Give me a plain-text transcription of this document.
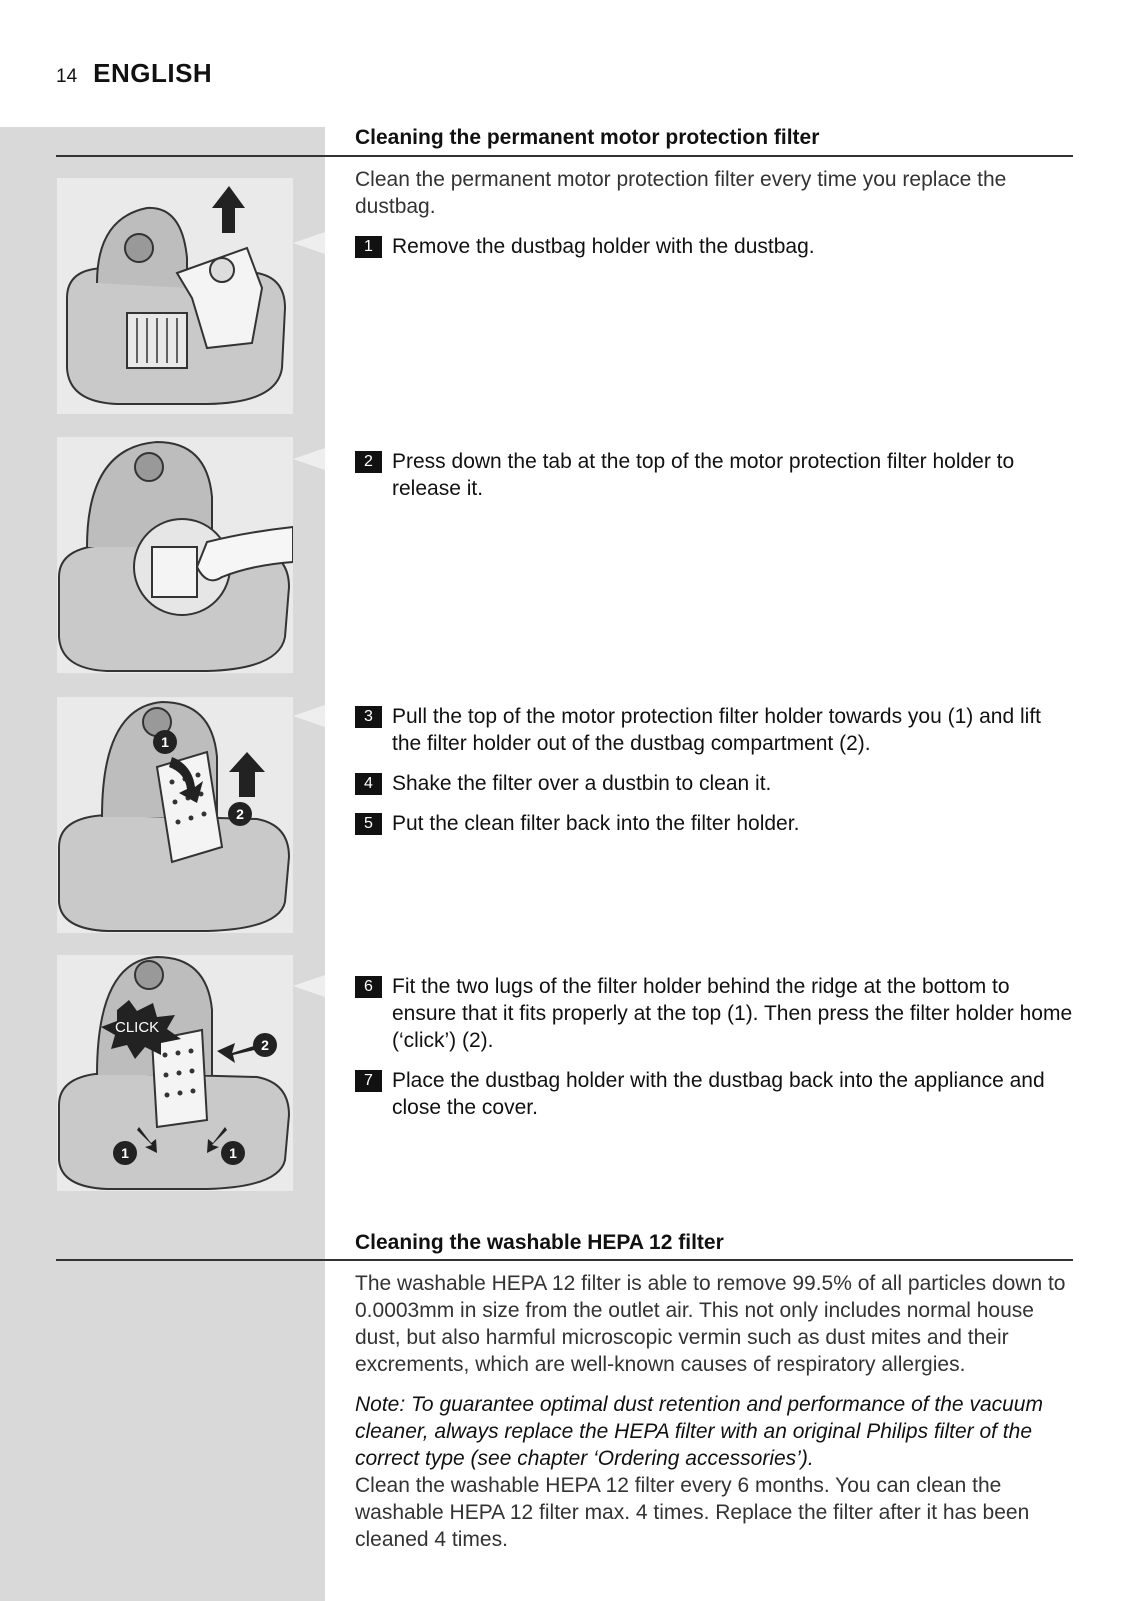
14 ENGLISH
Cleaning the permanent motor protection filter
Clean the permanent motor protection filter every time you replace the dustbag.
1 Remove the dustbag holder with the dustbag.
2 Press down the tab at the top of the motor protection filter holder to release it.
3 Pull the top of the motor protection filter holder towards you (1) and lift the filter holder out of the dustbag compartment (2).
4 Shake the filter over a dustbin to clean it.
5 Put the clean filter back into the filter holder.
6 Fit the two lugs of the filter holder behind the ridge at the bottom to ensure that it fits properly at the top (1). Then press the filter holder home (‘click’) (2).
7 Place the dustbag holder with the dustbag back into the appliance and close the cover.
1
2
CLICK
2
1	1
Cleaning the washable HEPA 12 filter
The washable HEPA 12 filter is able to remove 99.5% of all particles down to 0.0003mm in size from the outlet air. This not only includes normal house dust, but also harmful microscopic vermin such as dust mites and their excrements, which are well-known causes of respiratory allergies.
Note: To guarantee optimal dust retention and performance of the vacuum cleaner, always replace the HEPA filter with an original Philips filter of the correct type (see chapter ‘Ordering accessories’).
Clean the washable HEPA 12 filter every 6 months. You can clean the washable HEPA 12 filter max. 4 times. Replace the filter after it has been cleaned 4 times.
